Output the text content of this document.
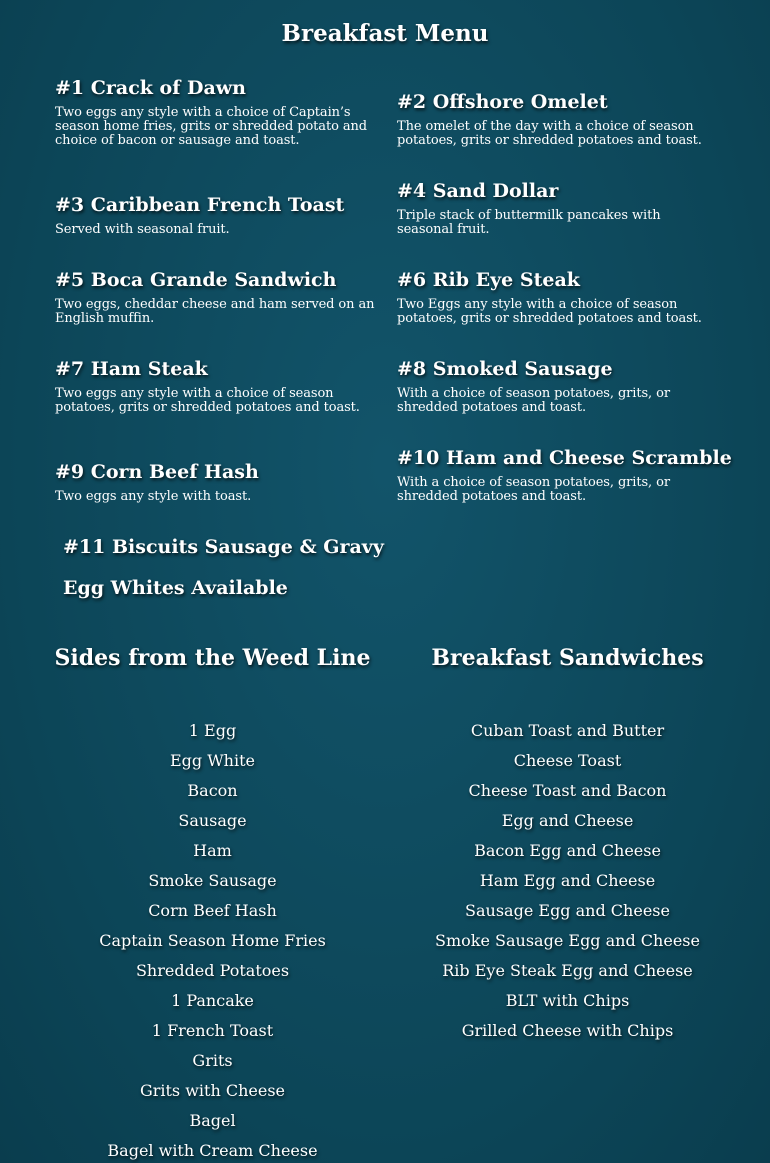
Breakfast Menu
#1 Crack of Dawn
Two eggs any style with a choice of Captain’s season home fries, grits or shredded potato and choice of bacon or sausage and toast.
#3 Caribbean French Toast
Served with seasonal fruit.
#5 Boca Grande Sandwich
Two eggs, cheddar cheese and ham served on an English muffin.
#7 Ham Steak
Two eggs any style with a choice of season potatoes, grits or shredded potatoes and toast.
#9 Corn Beef Hash
Two eggs any style with toast.
#2 Offshore Omelet
The omelet of the day with a choice of season potatoes, grits or shredded potatoes and toast.
#4 Sand Dollar
Triple stack of buttermilk pancakes with seasonal fruit.
#6 Rib Eye Steak
Two Eggs any style with a choice of season potatoes, grits or shredded potatoes and toast.
#8 Smoked Sausage
With a choice of season potatoes, grits, or shredded potatoes and toast.
#10 Ham and Cheese Scramble
With a choice of season potatoes, grits, or shredded potatoes and toast.
#11 Biscuits Sausage & Gravy
Egg Whites Available
Sides from the Weed Line
1 Egg
Egg White
Bacon
Sausage
Ham
Smoke Sausage
Corn Beef Hash
Captain Season Home Fries
Shredded Potatoes
1 Pancake
1 French Toast
Grits
Grits with Cheese
Bagel
Bagel with Cream Cheese
Breakfast Sandwiches
Cuban Toast and Butter
Cheese Toast
Cheese Toast and Bacon
Egg and Cheese
Bacon Egg and Cheese
Ham Egg and Cheese
Sausage Egg and Cheese
Smoke Sausage Egg and Cheese
Rib Eye Steak Egg and Cheese
BLT with Chips
Grilled Cheese with Chips
